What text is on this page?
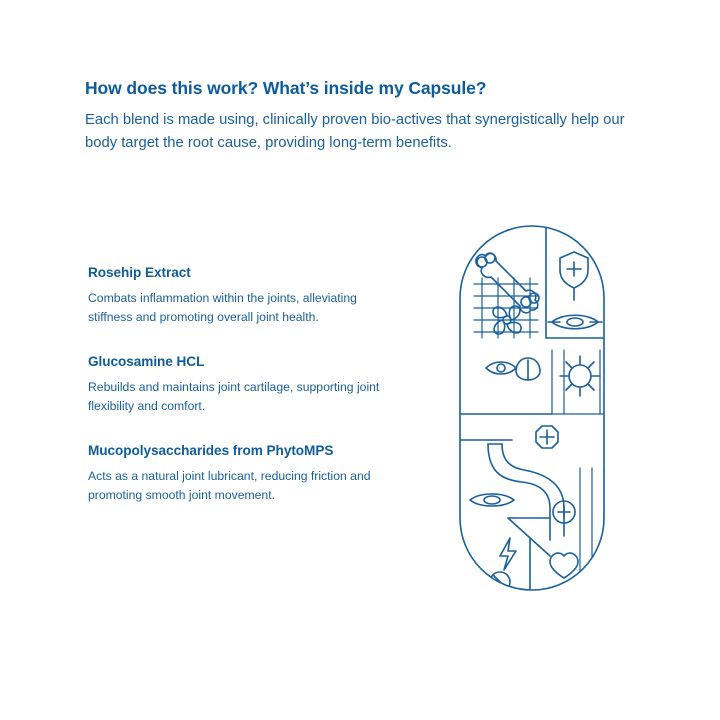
How does this work? What’s inside my Capsule?

Each blend is made using, clinically proven bio-actives that synergistically help our body target the root cause, providing long-term benefits.

Rosehip Extract

Combats inflammation within the joints, alleviating stiffness and promoting overall joint health.

Glucosamine HCL

Rebuilds and maintains joint cartilage, supporting joint flexibility and comfort.

Mucopolysaccharides from PhytoMPS

Acts as a natural joint lubricant, reducing friction and promoting smooth joint movement.
